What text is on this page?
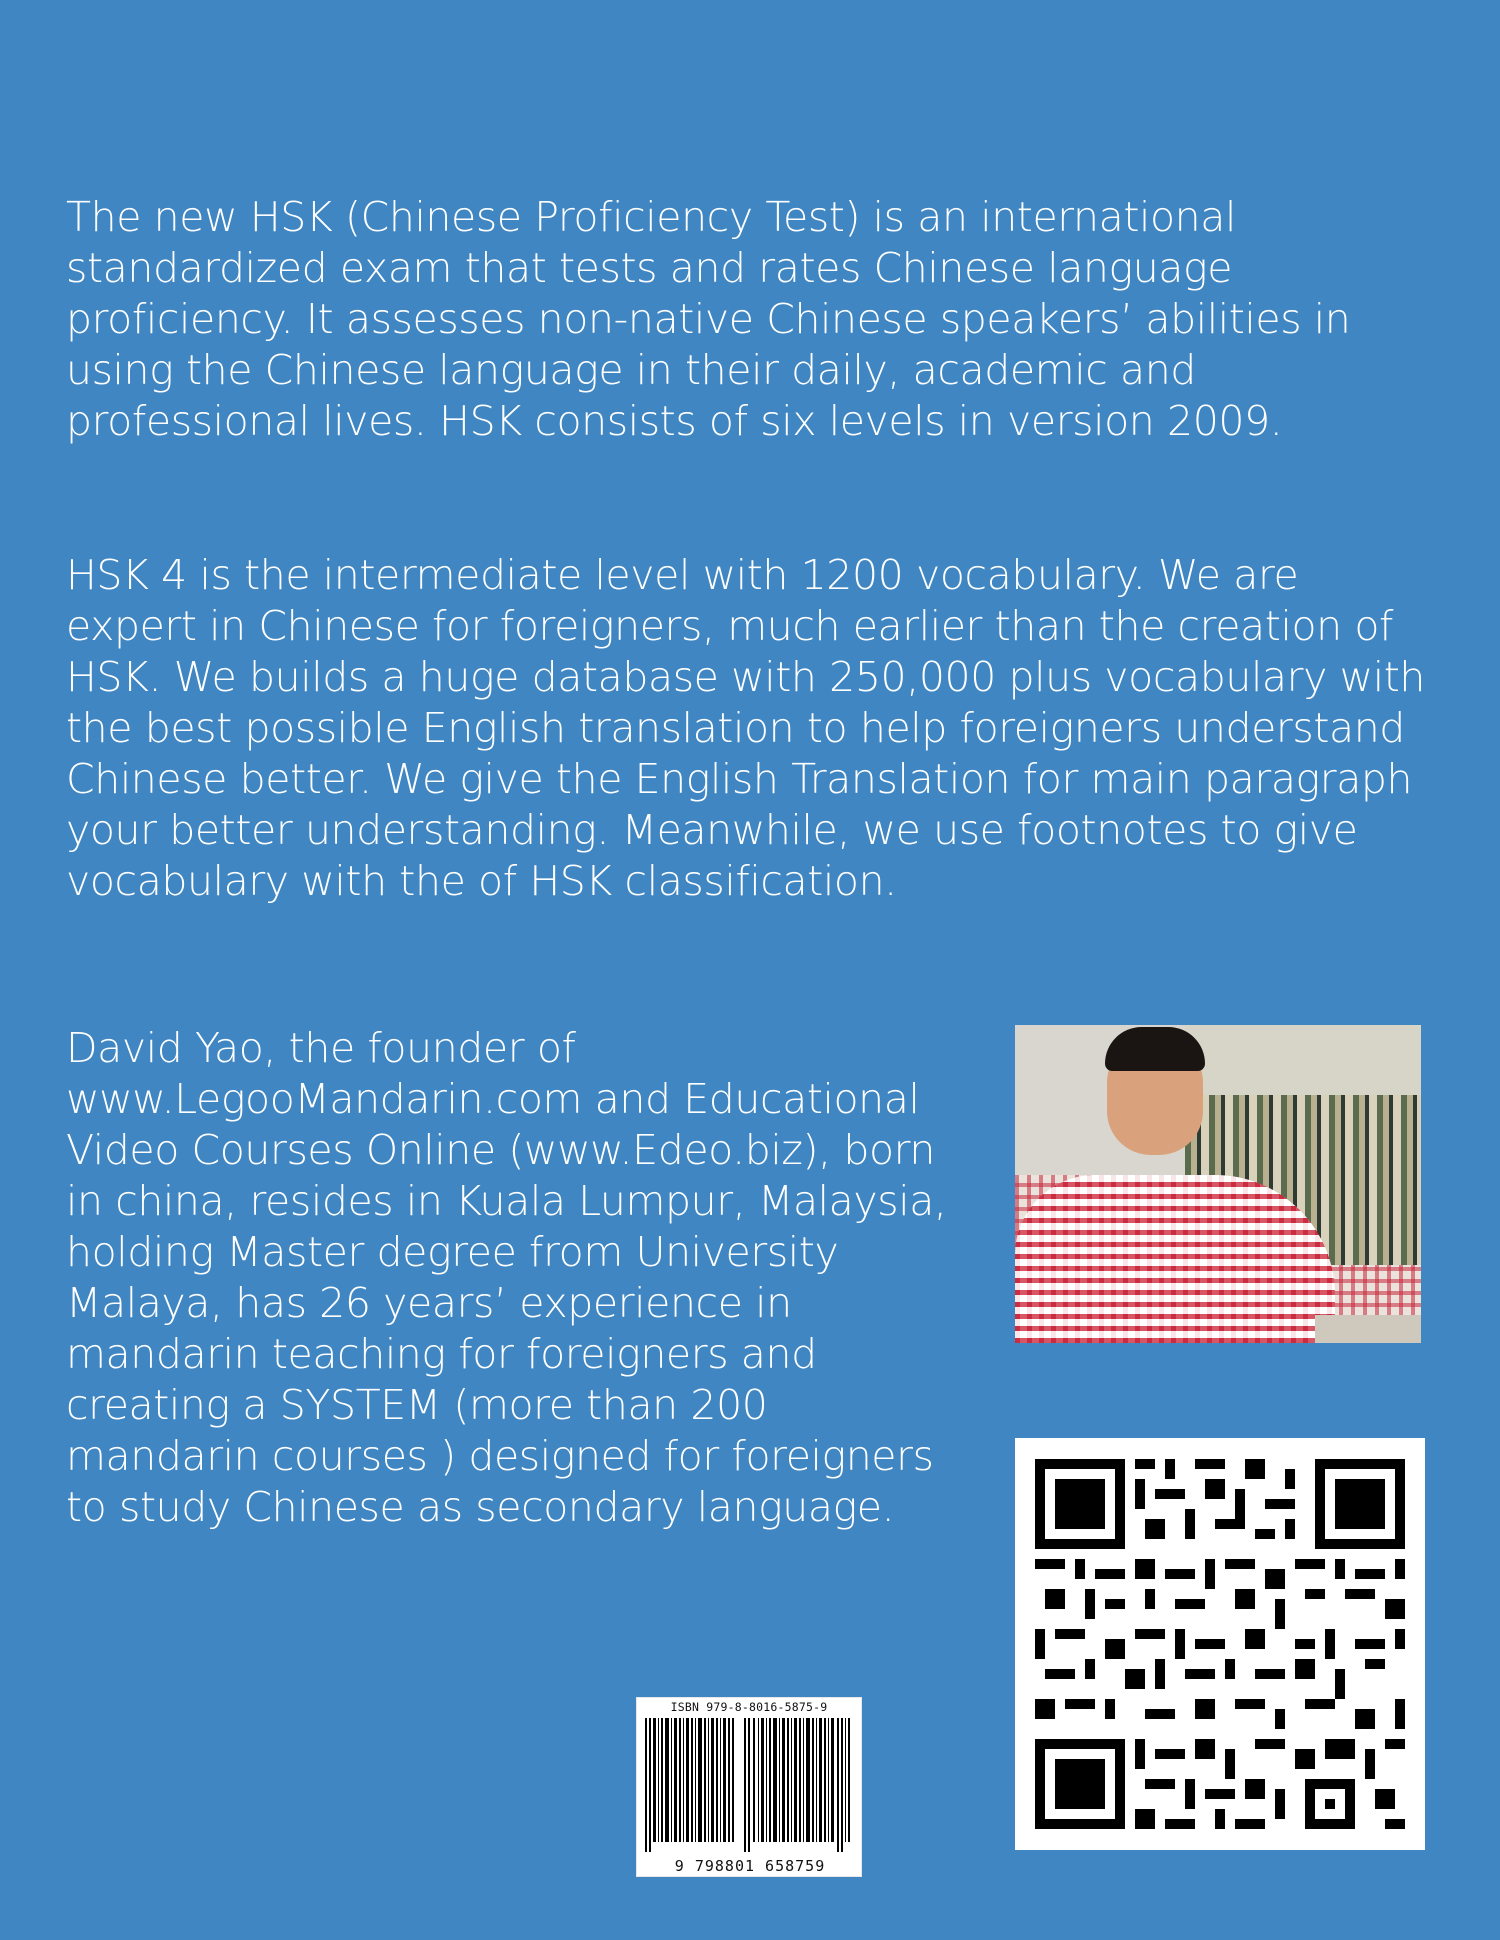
The new HSK (Chinese Proficiency Test) is an international standardized exam that tests and rates Chinese language proficiency. It assesses non-native Chinese speakers’ abilities in using the Chinese language in their daily, academic and professional lives. HSK consists of six levels in version 2009.

HSK 4 is the intermediate level with 1200 vocabulary. We are expert in Chinese for foreigners, much earlier than the creation of HSK. We builds a huge database with 250,000 plus vocabulary with the best possible English translation to help foreigners understand Chinese better. We give the English Translation for main paragraph your better understanding. Meanwhile, we use footnotes to give vocabulary with the of HSK classification.

David Yao, the founder of www.LegooMandarin.com and Educational Video Courses Online (www.Edeo.biz), born in china, resides in Kuala Lumpur, Malaysia, holding Master degree from University Malaya, has 26 years’ experience in mandarin teaching for foreigners and creating a SYSTEM (more than 200 mandarin courses ) designed for foreigners to study Chinese as secondary language.

ISBN 979-8-8016-5875-9
9 798801 658759
